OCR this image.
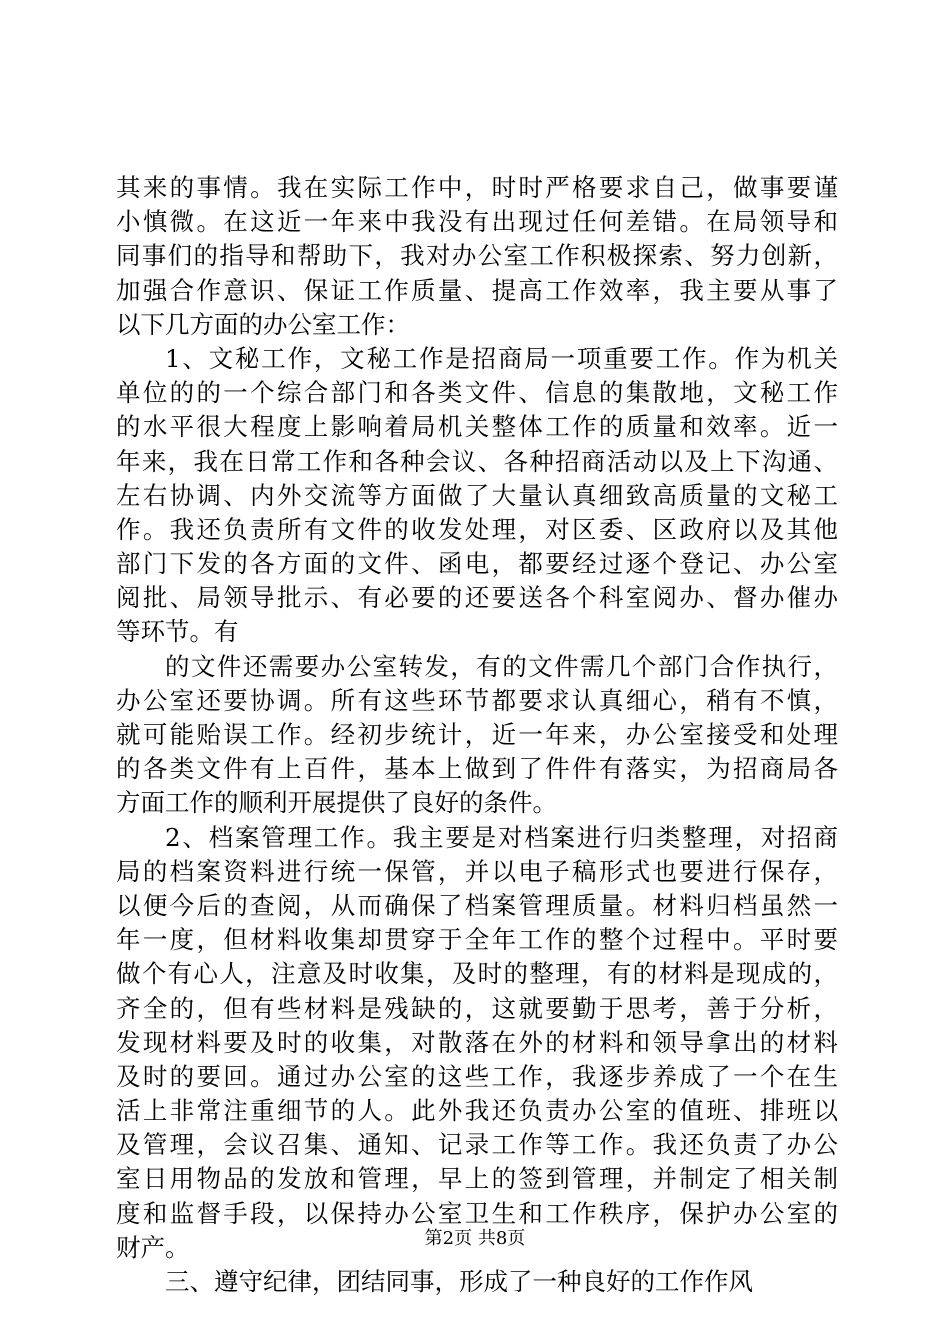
其来的事情。我在实际工作中，时时严格要求自己，做事要谨
小慎微。在这近一年来中我没有出现过任何差错。在局领导和
同事们的指导和帮助下，我对办公室工作积极探索、努力创新，
加强合作意识、保证工作质量、提高工作效率，我主要从事了
以下几方面的办公室工作：
1、文秘工作，文秘工作是招商局一项重要工作。作为机关
单位的的一个综合部门和各类文件、信息的集散地，文秘工作
的水平很大程度上影响着局机关整体工作的质量和效率。近一
年来，我在日常工作和各种会议、各种招商活动以及上下沟通、
左右协调、内外交流等方面做了大量认真细致高质量的文秘工
作。我还负责所有文件的收发处理，对区委、区政府以及其他
部门下发的各方面的文件、函电，都要经过逐个登记、办公室
阅批、局领导批示、有必要的还要送各个科室阅办、督办催办
等环节。有
的文件还需要办公室转发，有的文件需几个部门合作执行，
办公室还要协调。所有这些环节都要求认真细心，稍有不慎，
就可能贻误工作。经初步统计，近一年来，办公室接受和处理
的各类文件有上百件，基本上做到了件件有落实，为招商局各
方面工作的顺利开展提供了良好的条件。
2、档案管理工作。我主要是对档案进行归类整理，对招商
局的档案资料进行统一保管，并以电子稿形式也要进行保存，
以便今后的查阅，从而确保了档案管理质量。材料归档虽然一
年一度，但材料收集却贯穿于全年工作的整个过程中。平时要
做个有心人，注意及时收集，及时的整理，有的材料是现成的，
齐全的，但有些材料是残缺的，这就要勤于思考，善于分析，
发现材料要及时的收集，对散落在外的材料和领导拿出的材料
及时的要回。通过办公室的这些工作，我逐步养成了一个在生
活上非常注重细节的人。此外我还负责办公室的值班、排班以
及管理，会议召集、通知、记录工作等工作。我还负责了办公
室日用物品的发放和管理，早上的签到管理，并制定了相关制
度和监督手段，以保持办公室卫生和工作秩序，保护办公室的
财产。
三、遵守纪律，团结同事，形成了一种良好的工作作风
第2页 共8页
